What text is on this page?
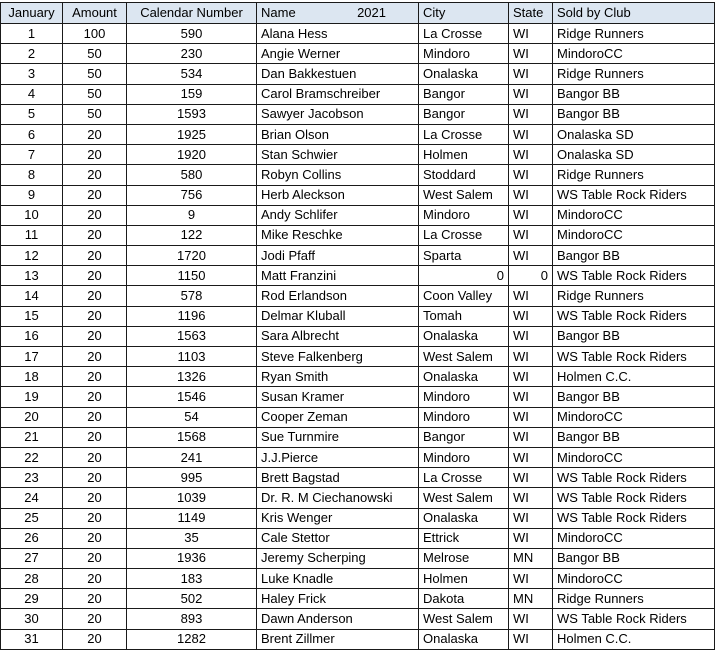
January	Amount	Calendar Number	Name 2021	City	State	Sold by Club
1	100	590	Alana Hess	La Crosse	WI	Ridge Runners
2	50	230	Angie Werner	Mindoro	WI	MindoroCC
3	50	534	Dan Bakkestuen	Onalaska	WI	Ridge Runners
4	50	159	Carol Bramschreiber	Bangor	WI	Bangor BB
5	50	1593	Sawyer Jacobson	Bangor	WI	Bangor BB
6	20	1925	Brian Olson	La Crosse	WI	Onalaska SD
7	20	1920	Stan Schwier	Holmen	WI	Onalaska SD
8	20	580	Robyn Collins	Stoddard	WI	Ridge Runners
9	20	756	Herb Aleckson	West Salem	WI	WS Table Rock Riders
10	20	9	Andy Schlifer	Mindoro	WI	MindoroCC
11	20	122	Mike Reschke	La Crosse	WI	MindoroCC
12	20	1720	Jodi Pfaff	Sparta	WI	Bangor BB
13	20	1150	Matt Franzini	0	0	WS Table Rock Riders
14	20	578	Rod Erlandson	Coon Valley	WI	Ridge Runners
15	20	1196	Delmar Kluball	Tomah	WI	WS Table Rock Riders
16	20	1563	Sara Albrecht	Onalaska	WI	Bangor BB
17	20	1103	Steve Falkenberg	West Salem	WI	WS Table Rock Riders
18	20	1326	Ryan Smith	Onalaska	WI	Holmen C.C.
19	20	1546	Susan Kramer	Mindoro	WI	Bangor BB
20	20	54	Cooper Zeman	Mindoro	WI	MindoroCC
21	20	1568	Sue Turnmire	Bangor	WI	Bangor BB
22	20	241	J.J.Pierce	Mindoro	WI	MindoroCC
23	20	995	Brett Bagstad	La Crosse	WI	WS Table Rock Riders
24	20	1039	Dr. R. M Ciechanowski	West Salem	WI	WS Table Rock Riders
25	20	1149	Kris Wenger	Onalaska	WI	WS Table Rock Riders
26	20	35	Cale Stettor	Ettrick	WI	MindoroCC
27	20	1936	Jeremy Scherping	Melrose	MN	Bangor BB
28	20	183	Luke Knadle	Holmen	WI	MindoroCC
29	20	502	Haley Frick	Dakota	MN	Ridge Runners
30	20	893	Dawn Anderson	West Salem	WI	WS Table Rock Riders
31	20	1282	Brent Zillmer	Onalaska	WI	Holmen C.C.
